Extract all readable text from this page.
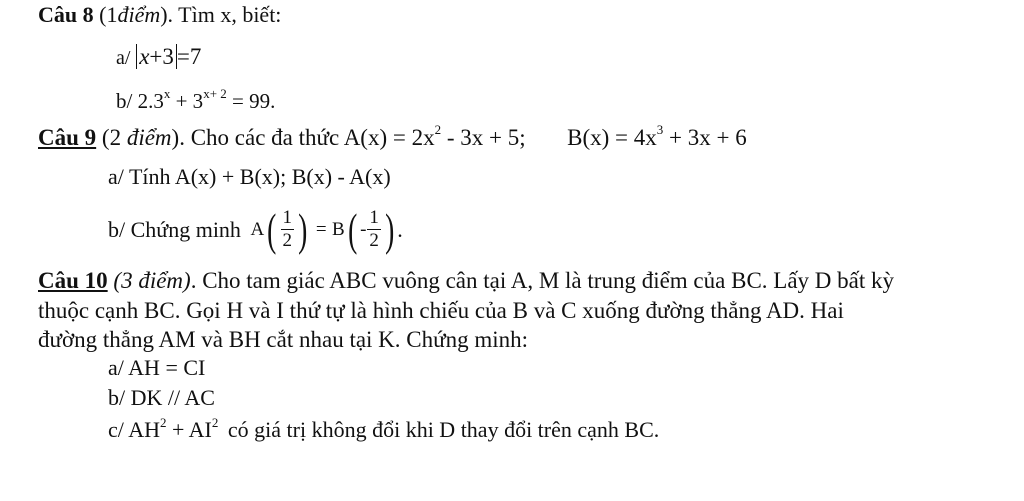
Câu 8 (1điểm). Tìm x, biết:
a/ x+3 =7
b/ $2.3^x + 3^{x+ 2} = 99$.
Câu 9 (2 điểm). Cho các đa thức $A(x) = 2x^2 - 3x + 5$; $B(x) = 4x^3 + 3x + 6$
a/ Tính A(x) + B(x); B(x) - A(x)
b/ Chứng minh $A( \frac{1}{2}$ ) = $B( - \frac{1}{2}$ ) .
Câu 10 (3 điểm). Cho tam giác ABC vuông cân tại A, M là trung điểm của BC. Lấy D bất kỳ
thuộc cạnh BC. Gọi H và I thứ tự là hình chiếu của B và C xuống đường thẳng AD. Hai
đường thẳng AM và BH cắt nhau tại K. Chứng minh:
a/ AH = CI
b/ DK // AC
c/ $AH^2 + AI^2$ có giá trị không đổi khi D thay đổi trên cạnh BC.
